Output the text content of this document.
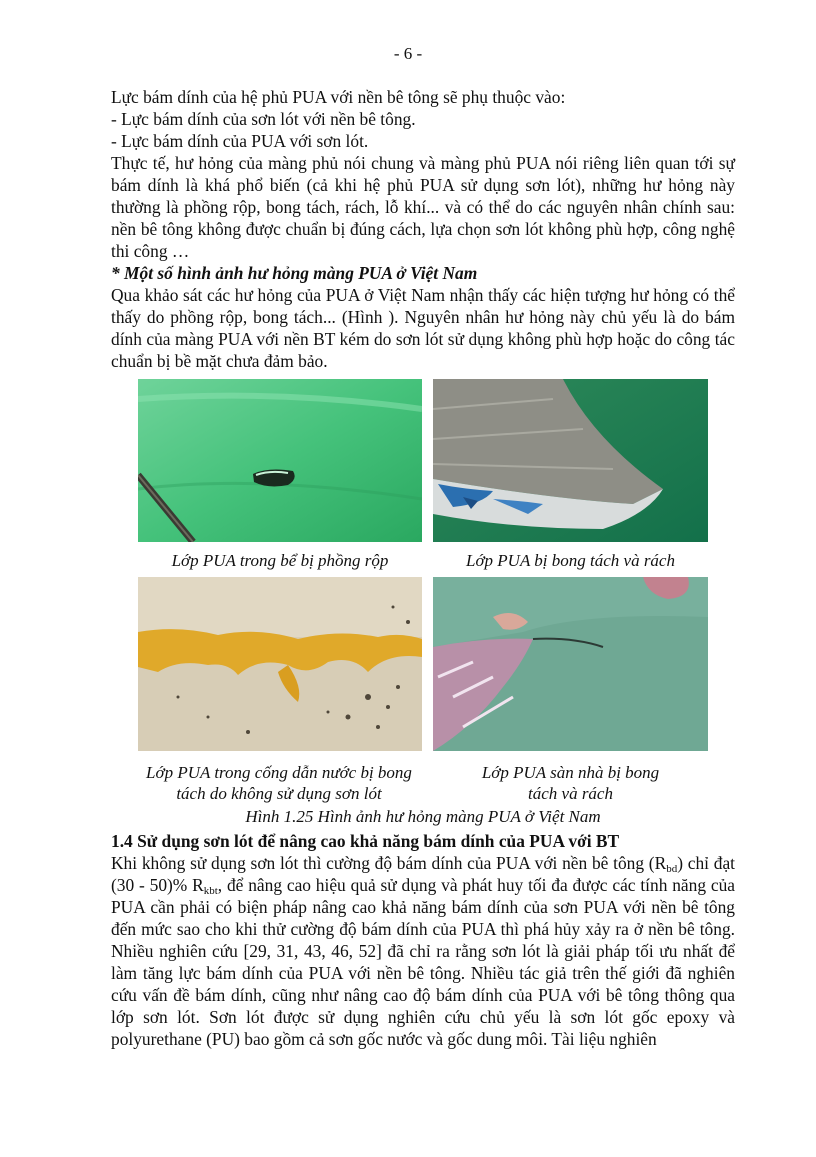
- 6 -

Lực bám dính của hệ phủ PUA với nền bê tông sẽ phụ thuộc vào:

- Lực bám dính của sơn lót với nền bê tông.

- Lực bám dính của PUA với sơn lót.

Thực tế, hư hỏng của màng phủ nói chung và màng phủ PUA nói riêng liên quan tới sự bám dính là khá phổ biến (cả khi hệ phủ PUA sử dụng sơn lót), những hư hỏng này thường là phồng rộp, bong tách, rách, lỗ khí... và có thể do các nguyên nhân chính sau: nền bê tông không được chuẩn bị đúng cách, lựa chọn sơn lót không phù hợp, công nghệ thi công …

* Một số hình ảnh hư hỏng màng PUA ở Việt Nam

Qua khảo sát các hư hỏng của PUA ở Việt Nam nhận thấy các hiện tượng hư hỏng có thể thấy do phồng rộp, bong tách... (Hình ). Nguyên nhân hư hỏng này chủ yếu là do bám dính của màng PUA với nền BT kém do sơn lót sử dụng không phù hợp hoặc do công tác chuẩn bị bề mặt chưa đảm bảo.

Lớp PUA trong bể bị phồng rộp	Lớp PUA bị bong tách và rách
Lớp PUA trong cống dẫn nước bị bong
tách do không sử dụng sơn lót
Lớp PUA sàn nhà bị bong
tách và rách
Hình 1.25 Hình ảnh hư hỏng màng PUA ở Việt Nam

1.4 Sử dụng sơn lót để nâng cao khả năng bám dính của PUA với BT

Khi không sử dụng sơn lót thì cường độ bám dính của PUA với nền bê tông $(R_{bd})$ chỉ đạt (30 - 50)% $R_{kbt}$, để nâng cao hiệu quả sử dụng và phát huy tối đa được các tính năng của PUA cần phải có biện pháp nâng cao khả năng bám dính của sơn PUA với nền bê tông đến mức sao cho khi thử cường độ bám dính của PUA thì phá hủy xảy ra ở nền bê tông. Nhiều nghiên cứu [29, 31, 43, 46, 52] đã chỉ ra rằng sơn lót là giải pháp tối ưu nhất để làm tăng lực bám dính của PUA với nền bê tông. Nhiều tác giả trên thế giới đã nghiên cứu vấn đề bám dính, cũng như nâng cao độ bám dính của PUA với bê tông thông qua lớp sơn lót. Sơn lót được sử dụng nghiên cứu chủ yếu là sơn lót gốc epoxy và polyurethane (PU) bao gồm cả sơn gốc nước và gốc dung môi. Tài liệu nghiên
